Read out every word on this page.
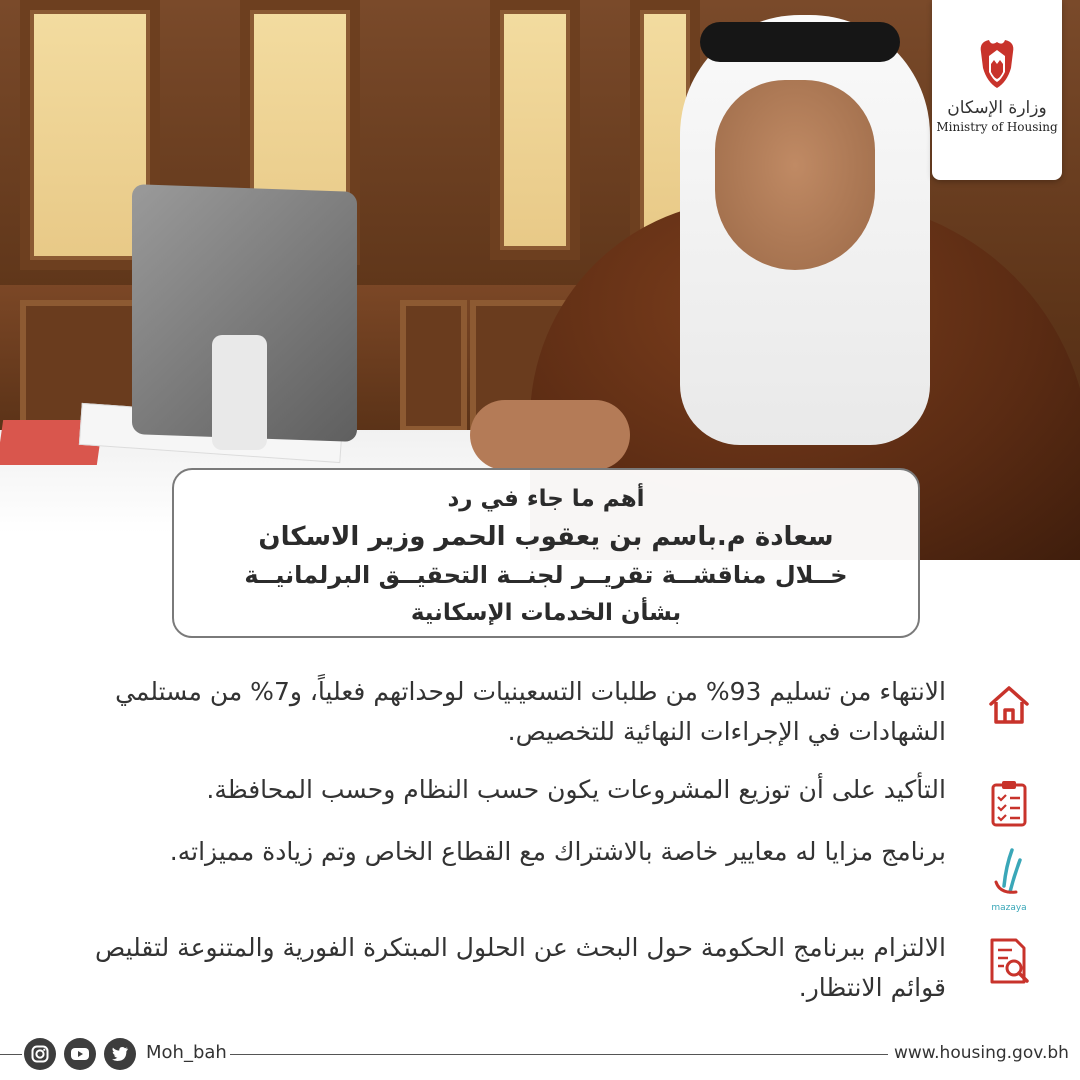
وزارة الإسكان
Ministry of Housing
أهم ما جاء في رد
سعادة م.باسم بن يعقوب الحمر وزير الاسكان
خــلال مناقشــة تقريــر لجنــة التحقيــق البرلمانيــة
بشأن الخدمات الإسكانية
الانتهاء من تسليم 93% من طلبات التسعينيات لوحداتهم فعلياً، و7% من مستلمي الشهادات في الإجراءات النهائية للتخصيص.
التأكيد على أن توزيع المشروعات يكون حسب النظام وحسب المحافظة.
mazaya
برنامج مزايا له معايير خاصة بالاشتراك مع القطاع الخاص وتم زيادة مميزاته.
الالتزام ببرنامج الحكومة حول البحث عن الحلول المبتكرة الفورية والمتنوعة لتقليص قوائم الانتظار.
Moh_bah	www.housing.gov.bh
